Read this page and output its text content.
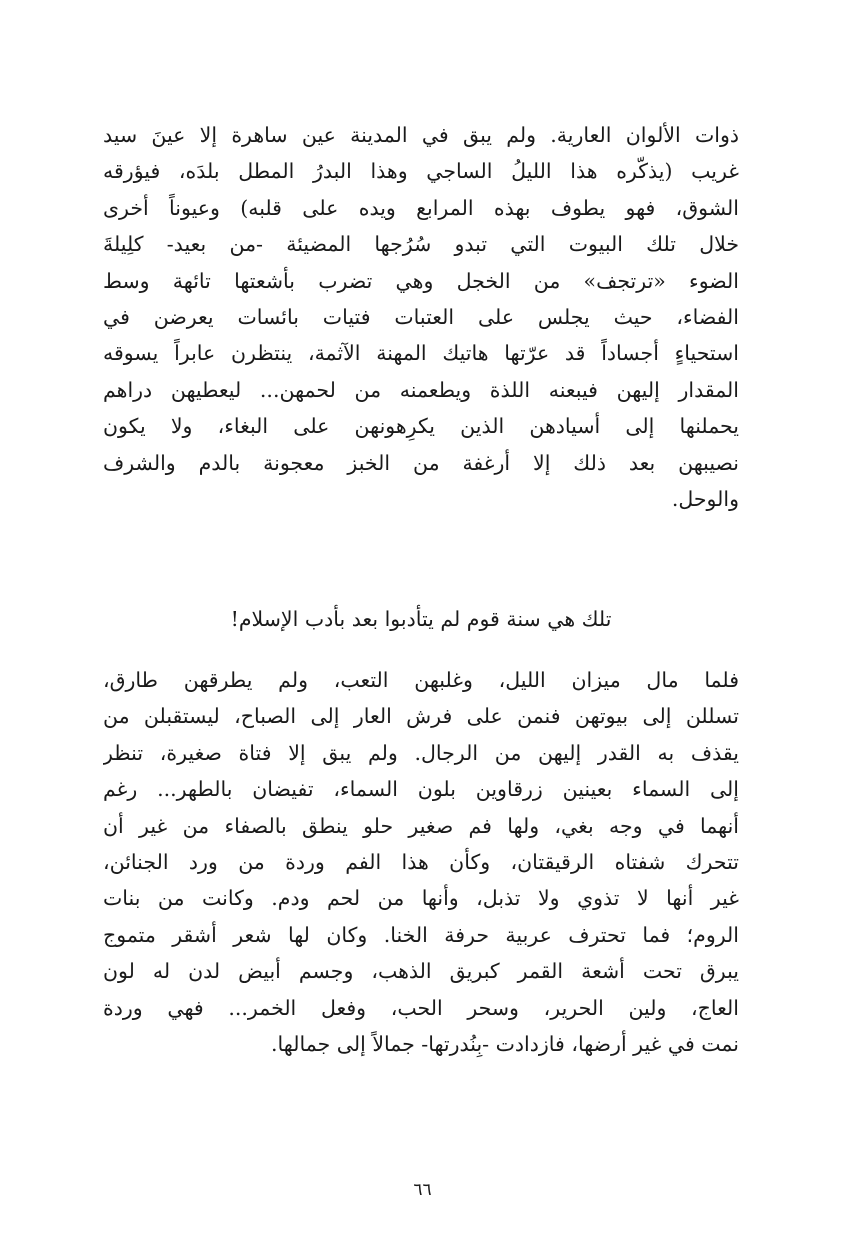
ذوات الألوان العارية. ولم يبق في المدينة عين ساهرة إلا عينَ سيد
غريب (يذكّره هذا الليلُ الساجي وهذا البدرُ المطل بلدَه، فيؤرقه
الشوق، فهو يطوف بهذه المرابع ويده على قلبه) وعيوناً أخرى
خلال تلك البيوت التي تبدو سُرُجها المضيئة -من بعيد- كلِيلةَ
الضوء «ترتجف» من الخجل وهي تضرب بأشعتها تائهة وسط
الفضاء، حيث يجلس على العتبات فتيات بائسات يعرضن في
استحياءٍ أجساداً قد عرّتها هاتيك المهنة الآثمة، ينتظرن عابراً يسوقه
المقدار إليهن فيبعنه اللذة ويطعمنه من لحمهن... ليعطيهن دراهم
يحملنها إلى أسيادهن الذين يكرِهونهن على البغاء، ولا يكون
نصيبهن بعد ذلك إلا أرغفة من الخبز معجونة بالدم والشرف
والوحل.
تلك هي سنة قوم لم يتأدبوا بعد بأدب الإسلام!
فلما مال ميزان الليل، وغلبهن التعب، ولم يطرقهن طارق،
تسللن إلى بيوتهن فنمن على فرش العار إلى الصباح، ليستقبلن من
يقذف به القدر إليهن من الرجال. ولم يبق إلا فتاة صغيرة، تنظر
إلى السماء بعينين زرقاوين بلون السماء، تفيضان بالطهر... رغم
أنهما في وجه بغي، ولها فم صغير حلو ينطق بالصفاء من غير أن
تتحرك شفتاه الرقيقتان، وكأن هذا الفم وردة من ورد الجنائن،
غير أنها لا تذوي ولا تذبل، وأنها من لحم ودم. وكانت من بنات
الروم؛ فما تحترف عربية حرفة الخنا. وكان لها شعر أشقر متموج
يبرق تحت أشعة القمر كبريق الذهب، وجسم أبيض لدن له لون
العاج، ولين الحرير، وسحر الحب، وفعل الخمر... فهي وردة
نمت في غير أرضها، فازدادت -بِنُدرتها- جمالاً إلى جمالها.
٦٦
